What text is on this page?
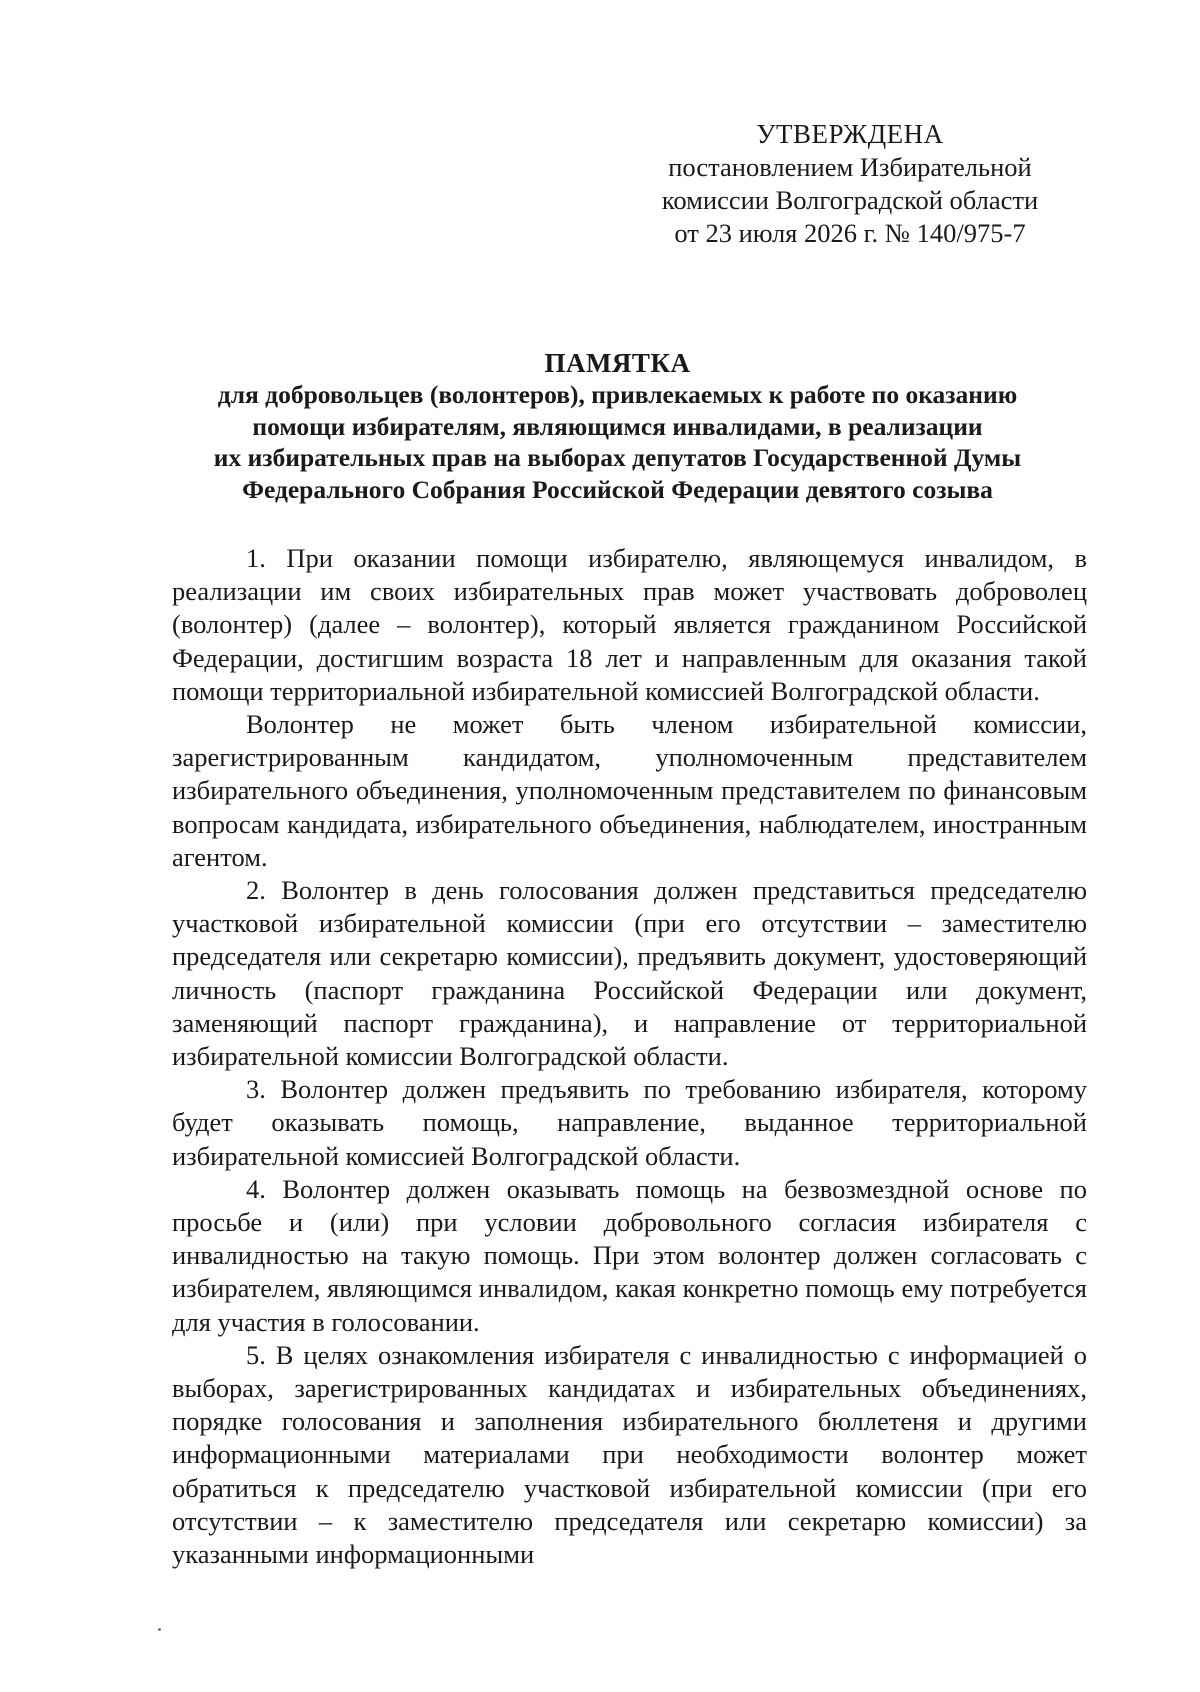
УТВЕРЖДЕНА
постановлением Избирательной
комиссии Волгоградской области
от 23 июля 2026 г. № 140/975-7
ПАМЯТКА
для добровольцев (волонтеров), привлекаемых к работе по оказанию
помощи избирателям, являющимся инвалидами, в реализации
их избирательных прав на выборах депутатов Государственной Думы
Федерального Собрания Российской Федерации девятого созыва

1. При оказании помощи избирателю, являющемуся инвалидом, в реализации им своих избирательных прав может участвовать доброволец (волонтер) (далее – волонтер), который является гражданином Российской Федерации, достигшим возраста 18 лет и направленным для оказания такой помощи территориальной избирательной комиссией Волгоградской области.

Волонтер не может быть членом избирательной комиссии, зарегистрированным кандидатом, уполномоченным представителем избирательного объединения, уполномоченным представителем по финансовым вопросам кандидата, избирательного объединения, наблюдателем, иностранным агентом.

2. Волонтер в день голосования должен представиться председателю участковой избирательной комиссии (при его отсутствии – заместителю председателя или секретарю комиссии), предъявить документ, удостоверяющий личность (паспорт гражданина Российской Федерации или документ, заменяющий паспорт гражданина), и направление от территориальной избирательной комиссии Волгоградской области.

3. Волонтер должен предъявить по требованию избирателя, которому будет оказывать помощь, направление, выданное территориальной избирательной комиссией Волгоградской области.

4. Волонтер должен оказывать помощь на безвозмездной основе по просьбе и (или) при условии добровольного согласия избирателя с инвалидностью на такую помощь. При этом волонтер должен согласовать с избирателем, являющимся инвалидом, какая конкретно помощь ему потребуется для участия в голосовании.

5. В целях ознакомления избирателя с инвалидностью с информацией о выборах, зарегистрированных кандидатах и избирательных объединениях, порядке голосования и заполнения избирательного бюллетеня и другими информационными материалами при необходимости волонтер может обратиться к председателю участковой избирательной комиссии (при его отсутствии – к заместителю председателя или секретарю комиссии) за указанными информационными
